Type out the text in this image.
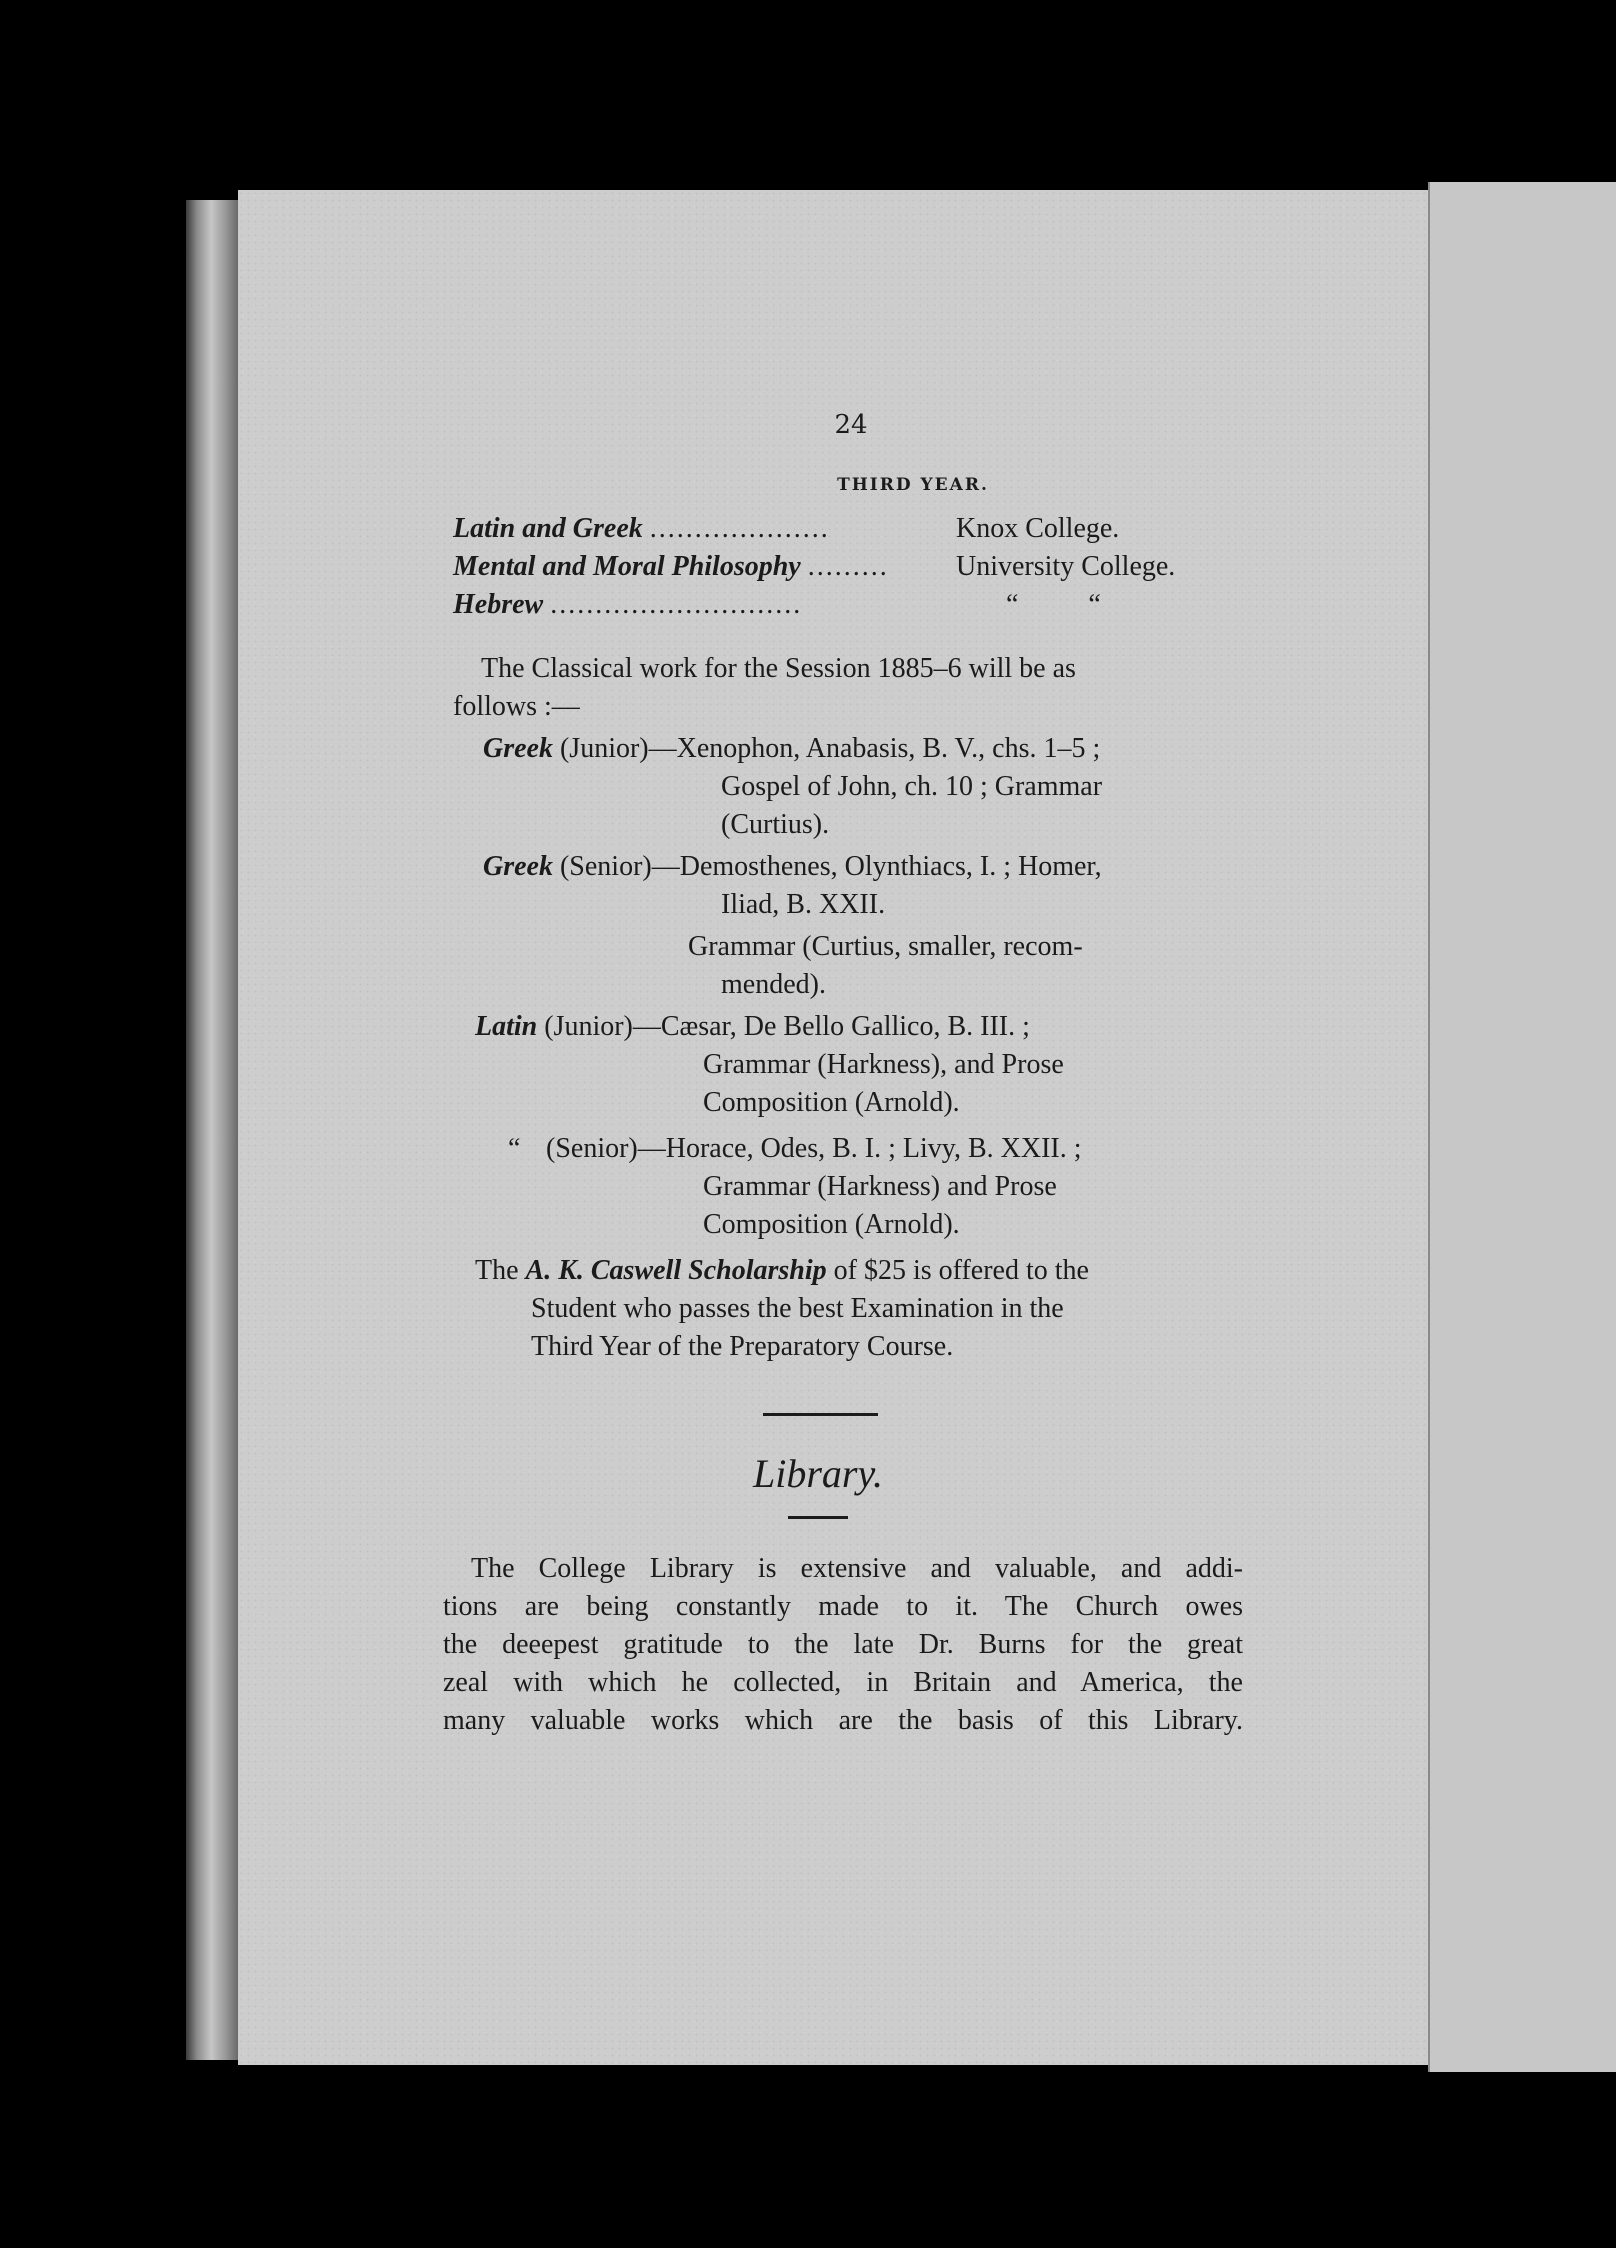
24
THIRD YEAR.
Latin and Greek ....................	Knox College.
Mental and Moral Philosophy ......... University College.
Hebrew ............................	“          “
The Classical work for the Session 1885–6 will be as
follows :—
Greek (Junior)—Xenophon, Anabasis, B. V., chs. 1–5 ;
Gospel of John, ch. 10 ; Grammar
(Curtius).
Greek (Senior)—Demosthenes, Olynthiacs, I. ; Homer,
Iliad, B. XXII.
Grammar (Curtius, smaller, recom-
mended).
Latin (Junior)—Cæsar, De Bello Gallico, B. III. ;
Grammar (Harkness), and Prose
Composition (Arnold).
“ (Senior)—Horace, Odes, B. I. ; Livy, B. XXII. ;
Grammar (Harkness) and Prose
Composition (Arnold).
The A. K. Caswell Scholarship of $25 is offered to the
Student who passes the best Examination in the
Third Year of the Preparatory Course.
Library.
The College Library is extensive and valuable, and addi-
tions are being constantly made to it. The Church owes
the deeepest gratitude to the late Dr. Burns for the great
zeal with which he collected, in Britain and America, the
many valuable works which are the basis of this Library.
